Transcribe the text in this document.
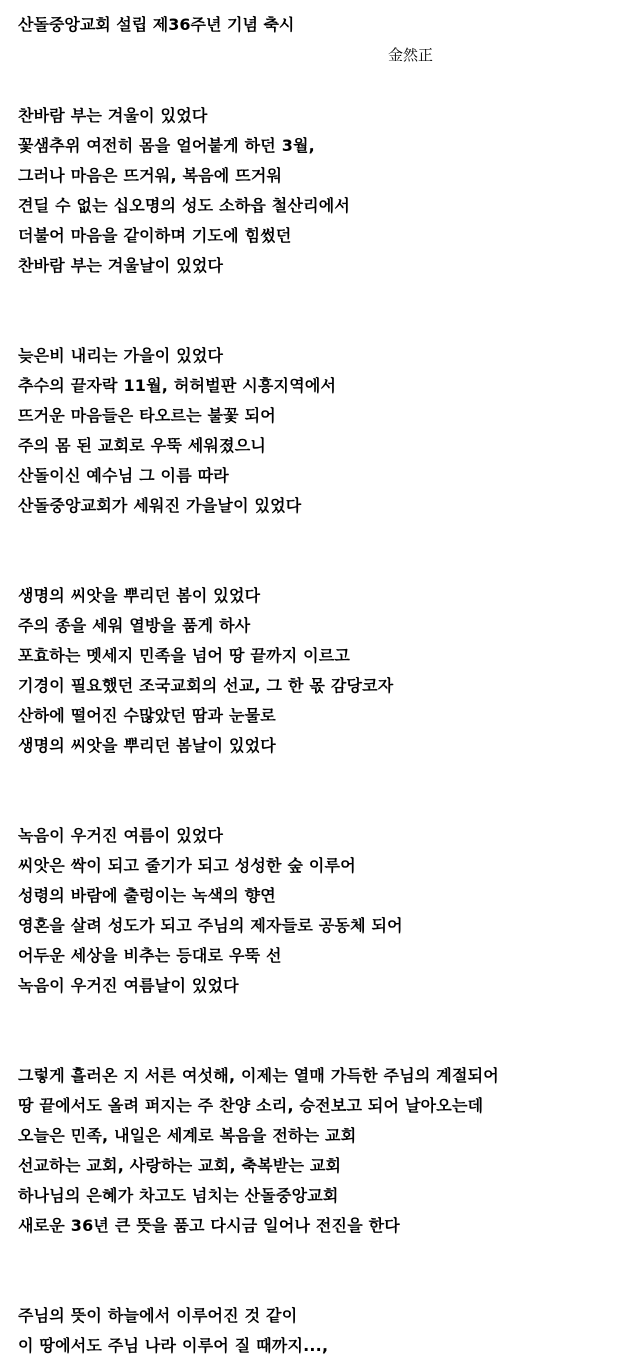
산돌중앙교회 설립 제36주년 기념 축시
金然正
찬바람 부는 겨울이 있었다
꽃샘추위 여전히 몸을 얼어붙게 하던 3월,
그러나 마음은 뜨거워, 복음에 뜨거워
견딜 수 없는 십오명의 성도 소하읍 철산리에서
더불어 마음을 같이하며 기도에 힘썼던
찬바람 부는 겨울날이 있었다
늦은비 내리는 가을이 있었다
추수의 끝자락 11월, 허허벌판 시흥지역에서
뜨거운 마음들은 타오르는 불꽃 되어
주의 몸 된 교회로 우뚝 세워졌으니
산돌이신 예수님 그 이름 따라
산돌중앙교회가 세워진 가을날이 있었다
생명의 씨앗을 뿌리던 봄이 있었다
주의 종을 세워 열방을 품게 하사
포효하는 멧세지 민족을 넘어 땅 끝까지 이르고
기경이 필요했던 조국교회의 선교, 그 한 몫 감당코자
산하에 떨어진 수많았던 땀과 눈물로
생명의 씨앗을 뿌리던 봄날이 있었다
녹음이 우거진 여름이 있었다
씨앗은 싹이 되고 줄기가 되고 성성한 숲 이루어
성령의 바람에 출렁이는 녹색의 향연
영혼을 살려 성도가 되고 주님의 제자들로 공동체 되어
어두운 세상을 비추는 등대로 우뚝 선
녹음이 우거진 여름날이 있었다
그렇게 흘러온 지 서른 여섯해, 이제는 열매 가득한 주님의 계절되어
땅 끝에서도 올려 퍼지는 주 찬양 소리, 승전보고 되어 날아오는데
오늘은 민족, 내일은 세계로 복음을 전하는 교회
선교하는 교회, 사랑하는 교회, 축복받는 교회
하나님의 은혜가 차고도 넘치는 산돌중앙교회
새로운 36년 큰 뜻을 품고 다시금 일어나 전진을 한다
주님의 뜻이 하늘에서 이루어진 것 같이
이 땅에서도 주님 나라 이루어 질 때까지...,
